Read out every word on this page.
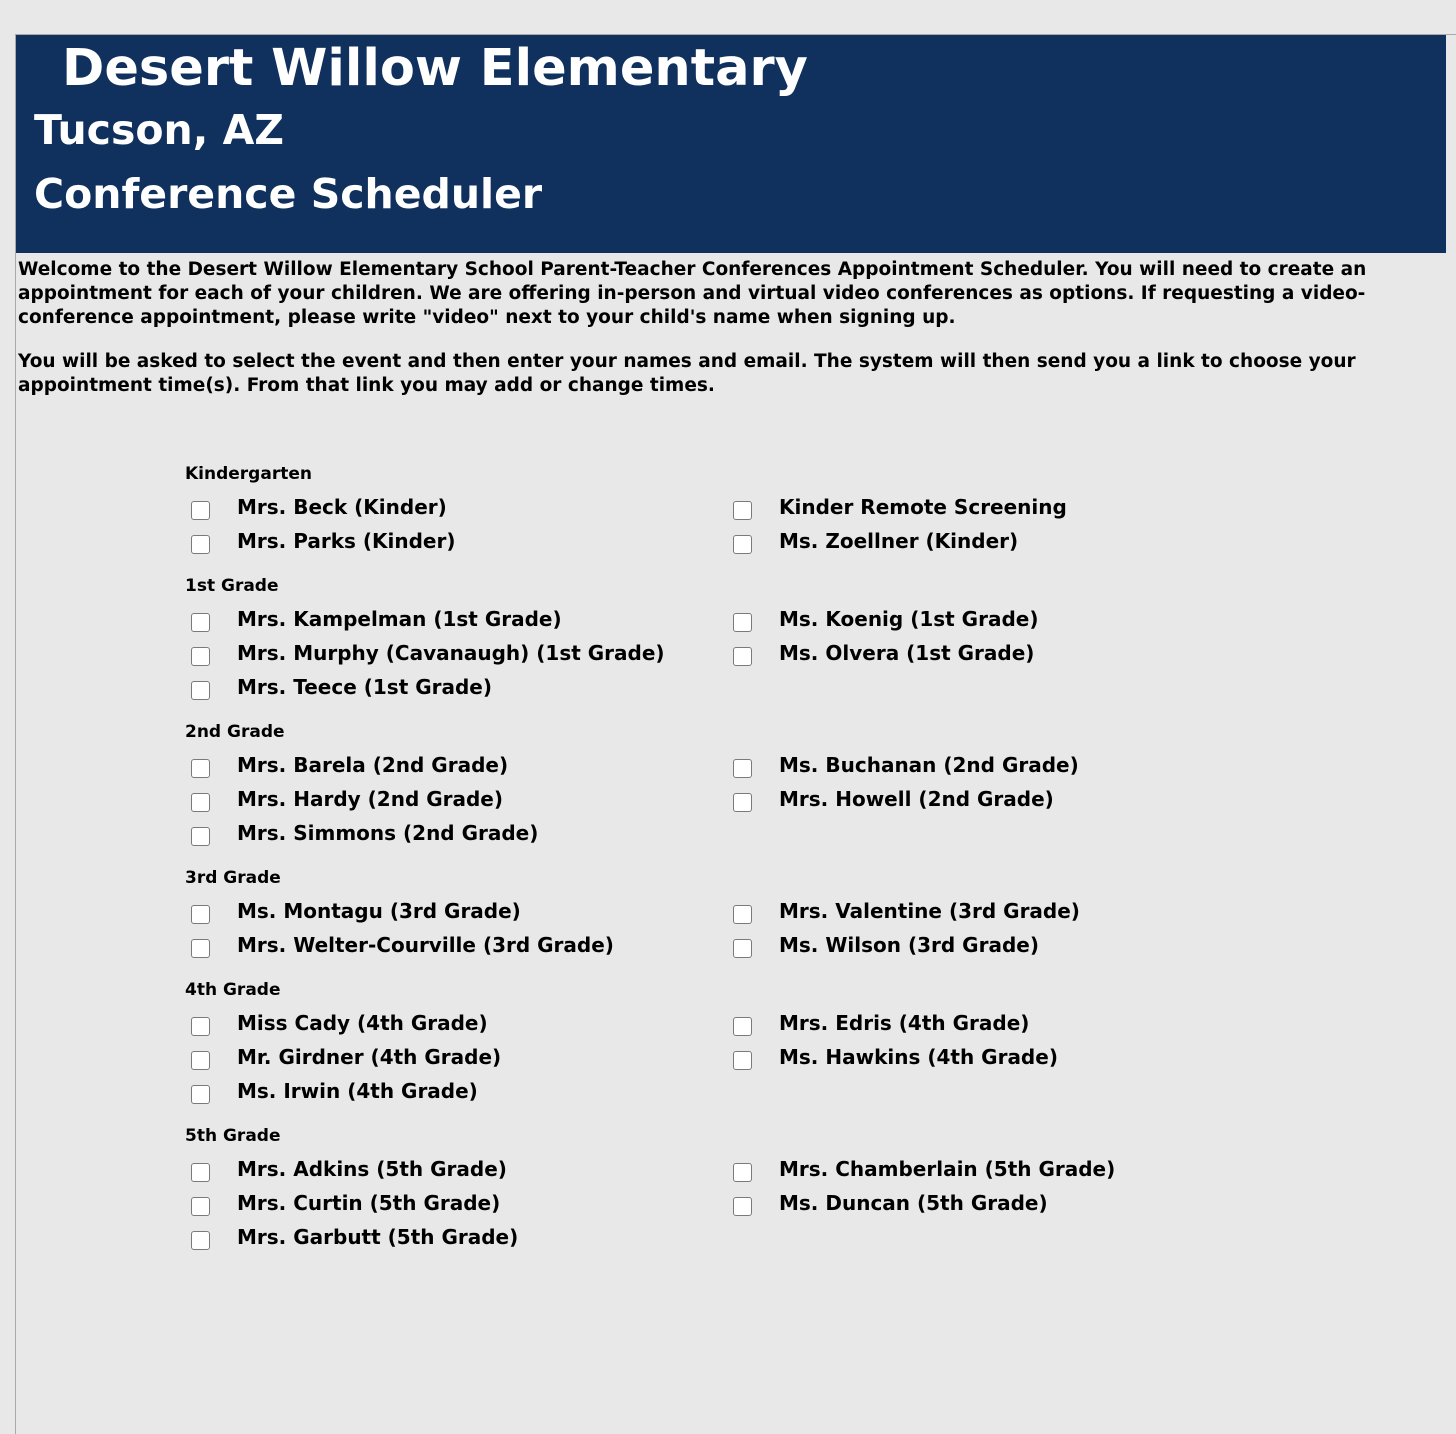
Desert Willow Elementary
Tucson, AZ
Conference Scheduler

Welcome to the Desert Willow Elementary School Parent-Teacher Conferences Appointment Scheduler. You will need to create an appointment for each of your children. We are offering in-person and virtual video conferences as options. If requesting a video-conference appointment, please write "video" next to your child's name when signing up.

You will be asked to select the event and then enter your names and email. The system will then send you a link to choose your appointment time(s). From that link you may add or change times.

Kindergarten
Mrs. Beck (Kinder)	Kinder Remote Screening
Mrs. Parks (Kinder)	Ms. Zoellner (Kinder)
1st Grade
Mrs. Kampelman (1st Grade)	Ms. Koenig (1st Grade)
Mrs. Murphy (Cavanaugh) (1st Grade)	Ms. Olvera (1st Grade)
Mrs. Teece (1st Grade)
2nd Grade
Mrs. Barela (2nd Grade)	Ms. Buchanan (2nd Grade)
Mrs. Hardy (2nd Grade)	Mrs. Howell (2nd Grade)
Mrs. Simmons (2nd Grade)
3rd Grade
Ms. Montagu (3rd Grade)	Mrs. Valentine (3rd Grade)
Mrs. Welter-Courville (3rd Grade)	Ms. Wilson (3rd Grade)
4th Grade
Miss Cady (4th Grade)	Mrs. Edris (4th Grade)
Mr. Girdner (4th Grade)	Ms. Hawkins (4th Grade)
Ms. Irwin (4th Grade)
5th Grade
Mrs. Adkins (5th Grade)	Mrs. Chamberlain (5th Grade)
Mrs. Curtin (5th Grade)	Ms. Duncan (5th Grade)
Mrs. Garbutt (5th Grade)
